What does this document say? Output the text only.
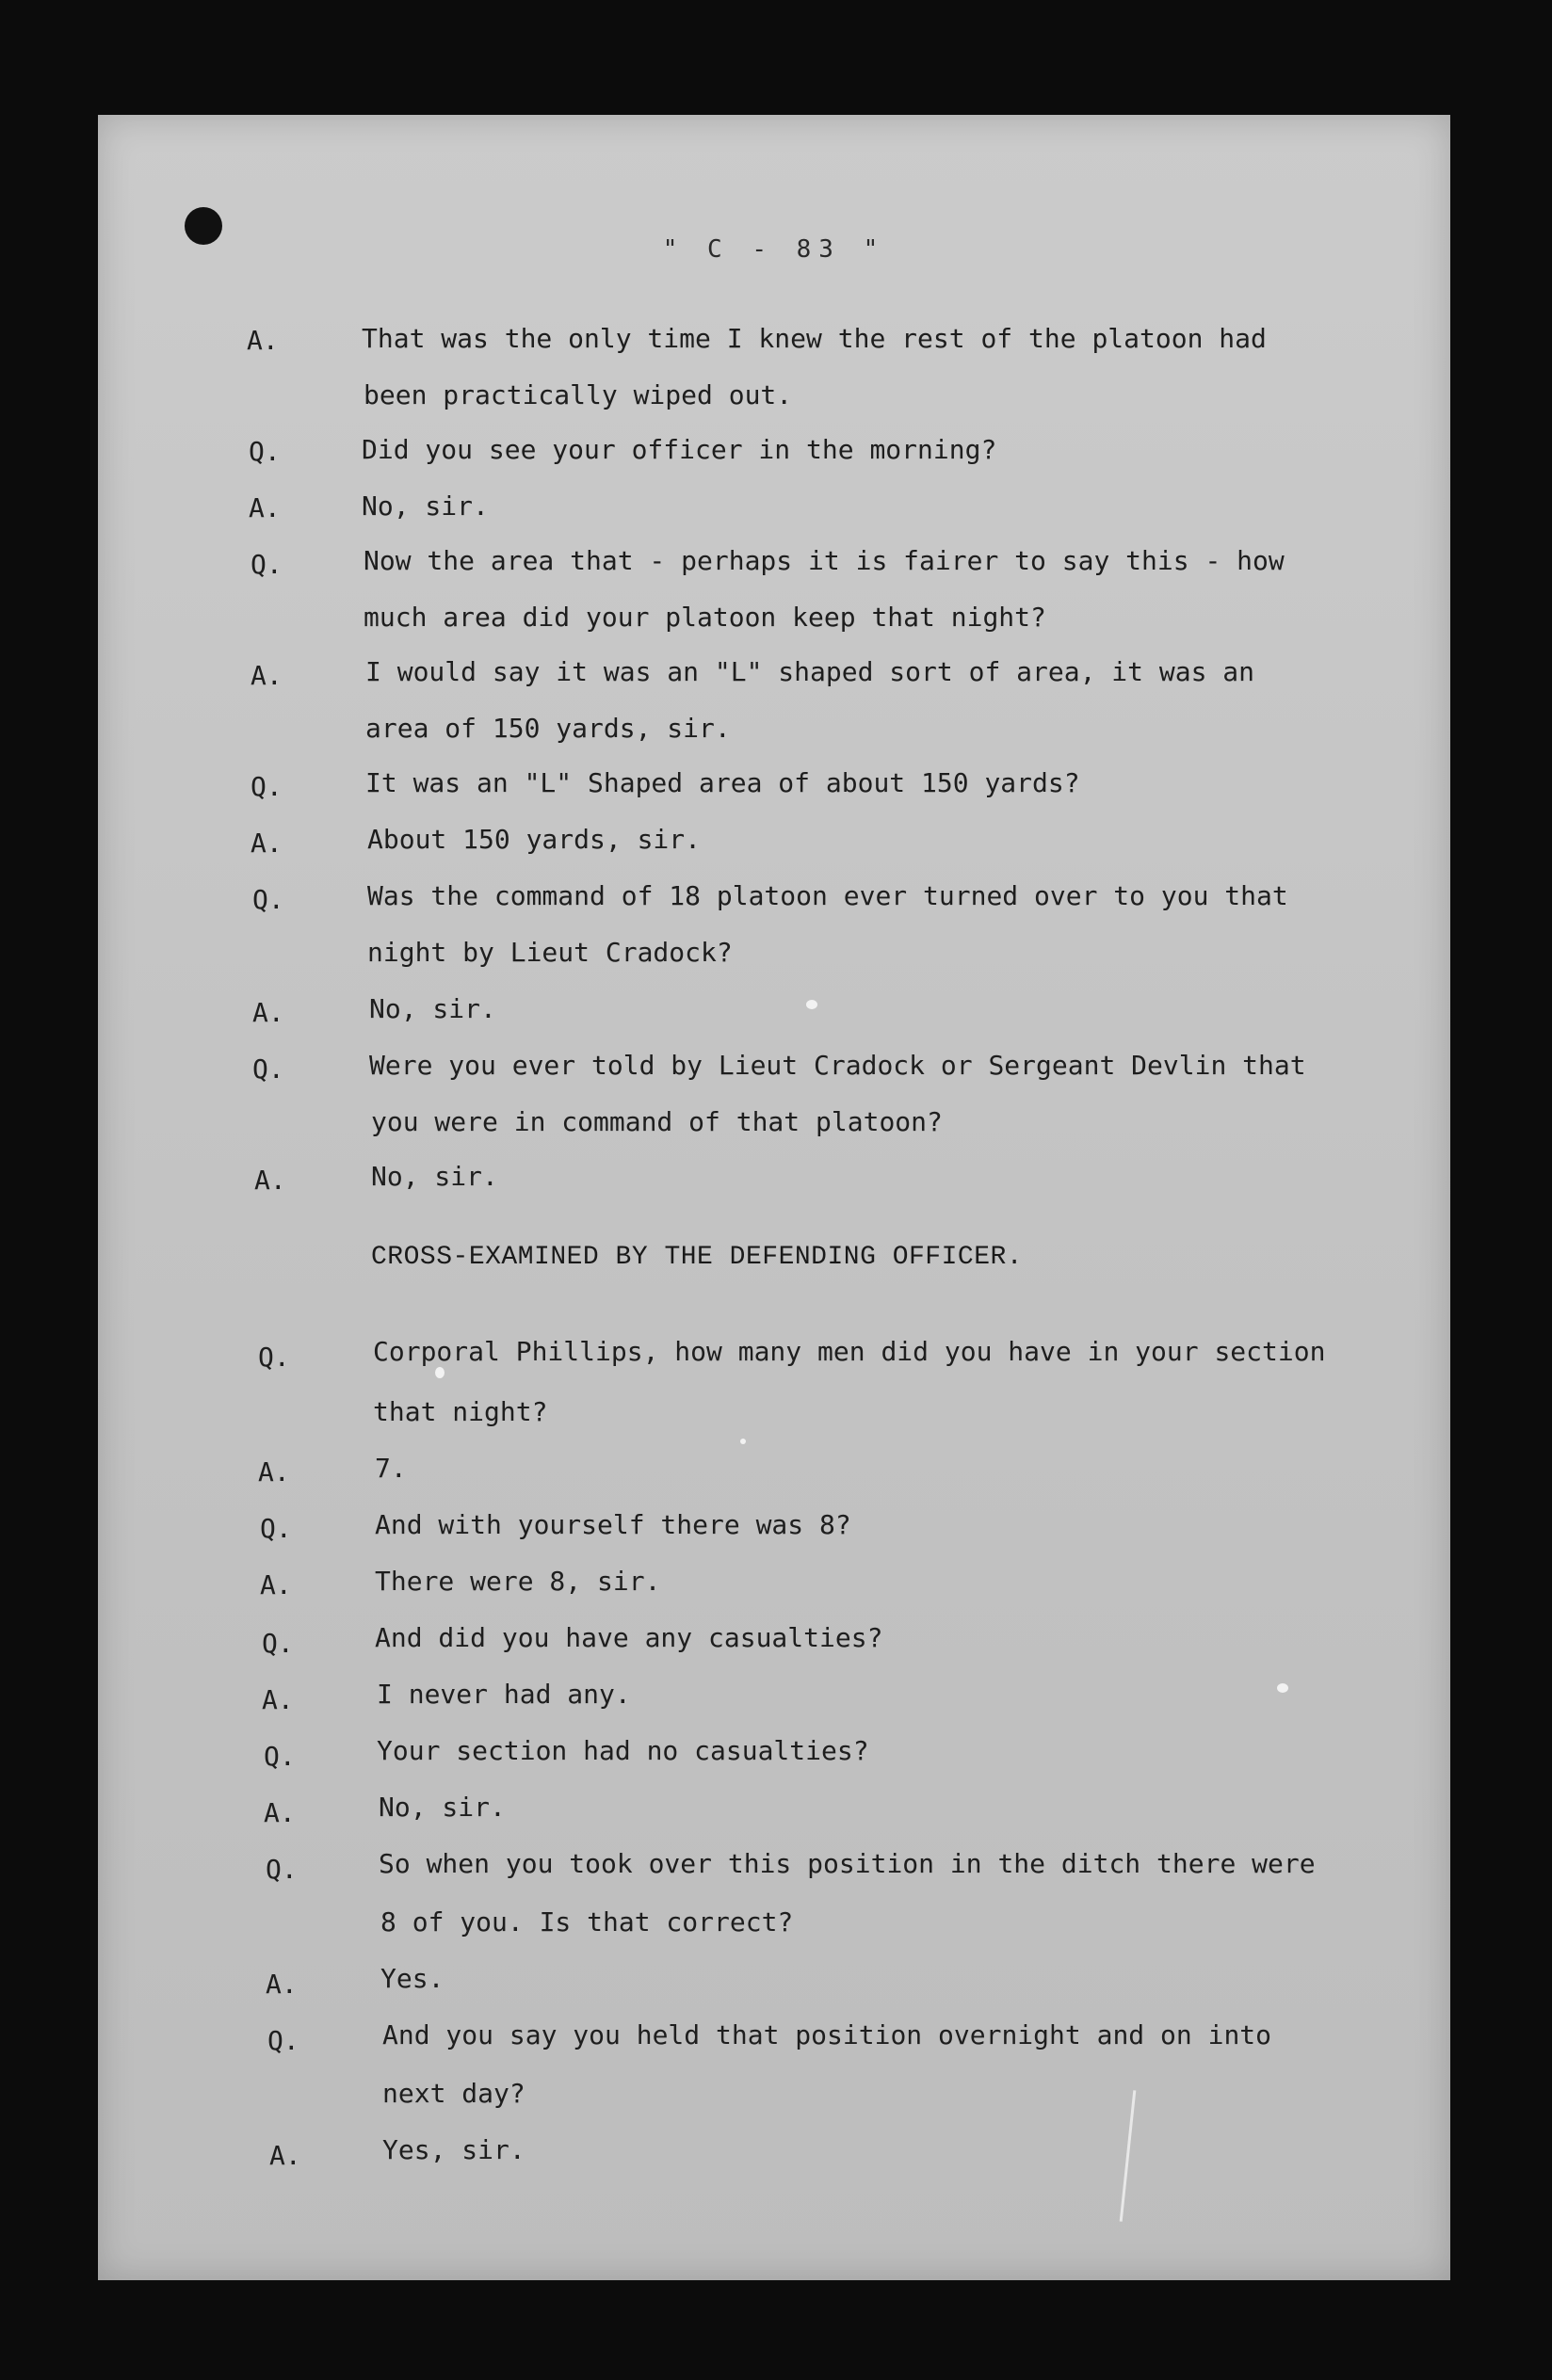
" C - 83 "
A.	That was the only time I knew the rest of the platoon had
been practically wiped out.
Q.	Did you see your officer in the morning?
A.	No, sir.
Q.	Now the area that - perhaps it is fairer to say this - how
much area did your platoon keep that night?
A.	I would say it was an "L" shaped sort of area, it was an
area of 150 yards, sir.
Q.	It was an "L" Shaped area of about 150 yards?
A.	About 150 yards, sir.
Q.	Was the command of 18 platoon ever turned over to you that
night by Lieut Cradock?
A.	No, sir.
Q.	Were you ever told by Lieut Cradock or Sergeant Devlin that
you were in command of that platoon?
A.	No, sir.
CROSS-EXAMINED BY THE DEFENDING OFFICER.
Q.	Corporal Phillips, how many men did you have in your section
that night?
A.	7.
Q.	And with yourself there was 8?
A.	There were 8, sir.
Q.	And did you have any casualties?
A.	I never had any.
Q.	Your section had no casualties?
A.	No, sir.
Q.	So when you took over this position in the ditch there were
8 of you. Is that correct?
A.	Yes.
Q.	And you say you held that position overnight and on into
next day?
A.	Yes, sir.
